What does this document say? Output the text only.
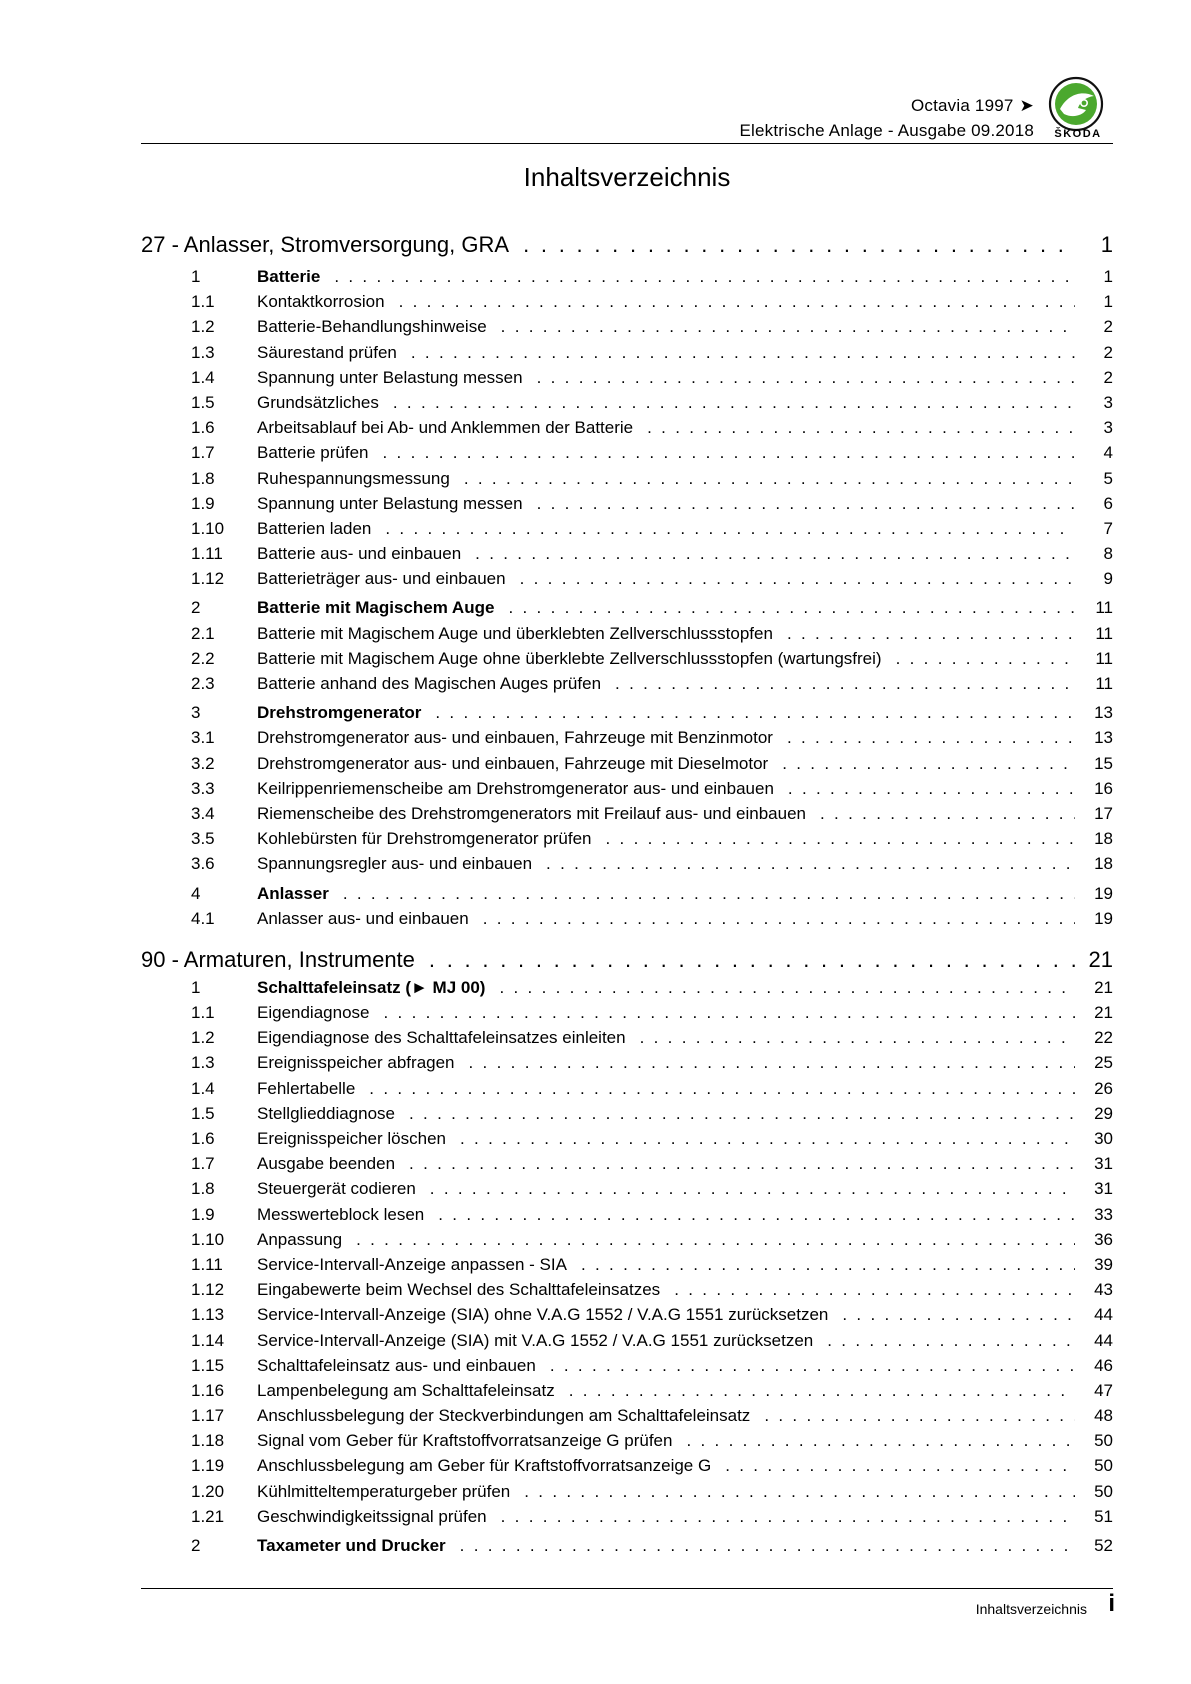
Octavia 1997 ➤
Elektrische Anlage - Ausgabe 09.2018	ŠKODA
Inhaltsverzeichnis
27 - Anlasser, Stromversorgung, GRA . . .	1
1	Batterie . . .	1
1.1	Kontaktkorrosion . . .	1
1.2	Batterie-Behandlungshinweise . . .	2
1.3	Säurestand prüfen . . .	2
1.4	Spannung unter Belastung messen . . .	2
1.5	Grundsätzliches . . .	3
1.6	Arbeitsablauf bei Ab- und Anklemmen der Batterie . . .	3
1.7	Batterie prüfen . . .	4
1.8	Ruhespannungsmessung . . .	5
1.9	Spannung unter Belastung messen . . .	6
1.10	Batterien laden . . .	7
1.11	Batterie aus- und einbauen . . .	8
1.12	Batterieträger aus- und einbauen . . .	9
2	Batterie mit Magischem Auge . . .	11
2.1	Batterie mit Magischem Auge und überklebten Zellverschlussstopfen . . .	11
2.2	Batterie mit Magischem Auge ohne überklebte Zellverschlussstopfen (wartungsfrei) . . .	11
2.3	Batterie anhand des Magischen Auges prüfen . . .	11
3	Drehstromgenerator . . .	13
3.1	Drehstromgenerator aus- und einbauen, Fahrzeuge mit Benzinmotor . . .	13
3.2	Drehstromgenerator aus- und einbauen, Fahrzeuge mit Dieselmotor . . .	15
3.3	Keilrippenriemenscheibe am Drehstromgenerator aus- und einbauen . . .	16
3.4	Riemenscheibe des Drehstromgenerators mit Freilauf aus- und einbauen . . .	17
3.5	Kohlebürsten für Drehstromgenerator prüfen . . .	18
3.6	Spannungsregler aus- und einbauen . . .	18
4	Anlasser . . .	19
4.1	Anlasser aus- und einbauen . . .	19
90 - Armaturen, Instrumente . . .	21
1	Schalttafeleinsatz (► MJ 00) . . .	21
1.1	Eigendiagnose . . .	21
1.2	Eigendiagnose des Schalttafeleinsatzes einleiten . . .	22
1.3	Ereignisspeicher abfragen . . .	25
1.4	Fehlertabelle . . .	26
1.5	Stellglieddiagnose . . .	29
1.6	Ereignisspeicher löschen . . .	30
1.7	Ausgabe beenden . . .	31
1.8	Steuergerät codieren . . .	31
1.9	Messwerteblock lesen . . .	33
1.10	Anpassung . . .	36
1.11	Service-Intervall-Anzeige anpassen - SIA . . .	39
1.12	Eingabewerte beim Wechsel des Schalttafeleinsatzes . . .	43
1.13	Service-Intervall-Anzeige (SIA) ohne V.A.G 1552 / V.A.G 1551 zurücksetzen . . .	44
1.14	Service-Intervall-Anzeige (SIA) mit V.A.G 1552 / V.A.G 1551 zurücksetzen . . .	44
1.15	Schalttafeleinsatz aus- und einbauen . . .	46
1.16	Lampenbelegung am Schalttafeleinsatz . . .	47
1.17	Anschlussbelegung der Steckverbindungen am Schalttafeleinsatz . . .	48
1.18	Signal vom Geber für Kraftstoffvorratsanzeige G prüfen . . .	50
1.19	Anschlussbelegung am Geber für Kraftstoffvorratsanzeige G . . .	50
1.20	Kühlmitteltemperaturgeber prüfen . . .	50
1.21	Geschwindigkeitssignal prüfen . . .	51
2	Taxameter und Drucker . . .	52
Inhaltsverzeichnis i
